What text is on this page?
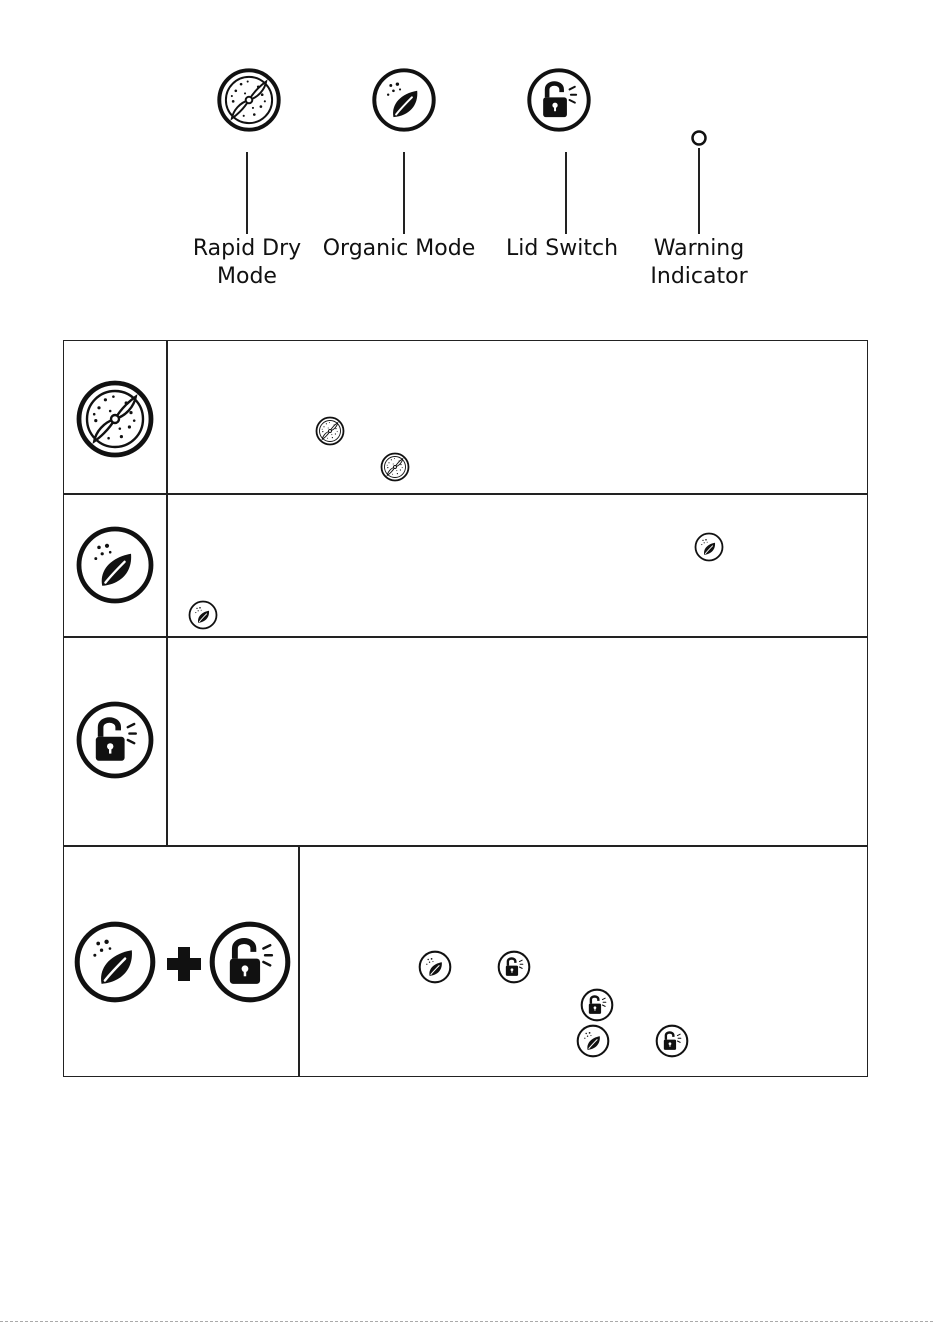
Rapid Dry
Mode
Organic Mode	Lid Switch	Warning
Indicator
